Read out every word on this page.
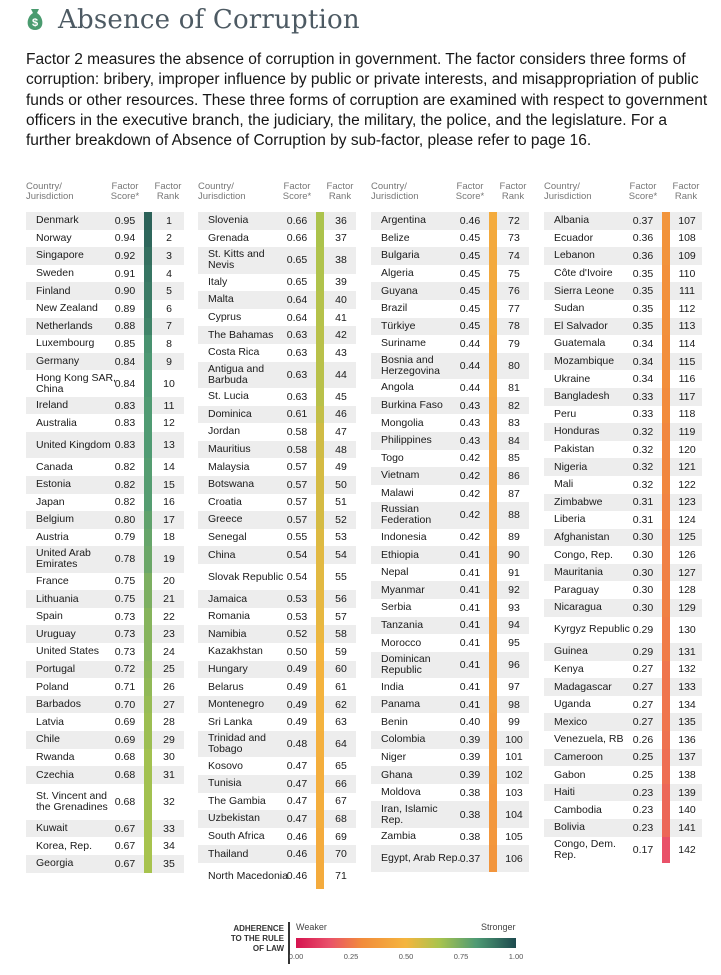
$ Absence of Corruption

Factor 2 measures the absence of corruption in government. The factor considers three forms of corruption: bribery, improper influence by public or private interests, and misappropriation of public funds or other resources. These three forms of corruption are examined with respect to government officers in the executive branch, the judiciary, the military, the police, and the legislature. For a further breakdown of Absence of Corruption by sub-factor, please refer to page 16.

Country/
Jurisdiction
Factor
Score*
Factor
Rank
Denmark	0.95	1
Norway	0.94	2
Singapore	0.92	3
Sweden	0.91	4
Finland	0.90	5
New Zealand	0.89	6
Netherlands	0.88	7
Luxembourg	0.85	8
Germany	0.84	9
Hong Kong SAR, China	0.84	10
Ireland	0.83	11
Australia	0.83	12
United Kingdom 0.83	13
Canada	0.82	14
Estonia	0.82	15
Japan	0.82	16
Belgium	0.80	17
Austria	0.79	18
United Arab Emirates	0.78	19
France	0.75	20
Lithuania	0.75	21
Spain	0.73	22
Uruguay	0.73	23
United States	0.73	24
Portugal	0.72	25
Poland	0.71	26
Barbados	0.70	27
Latvia	0.69	28
Chile	0.69	29
Rwanda	0.68	30
Czechia	0.68	31
St. Vincent and the Grenadines 0.68	32
Kuwait	0.67	33
Korea, Rep.	0.67	34
Georgia	0.67	35
Country/
Jurisdiction
Factor
Score*
Factor
Rank
Slovenia	0.66	36
Grenada	0.66	37
St. Kitts and Nevis	0.65	38
Italy	0.65	39
Malta	0.64	40
Cyprus	0.64	41
The Bahamas	0.63	42
Costa Rica	0.63	43
Antigua and Barbuda	0.63	44
St. Lucia	0.63	45
Dominica	0.61	46
Jordan	0.58	47
Mauritius	0.58	48
Malaysia	0.57	49
Botswana	0.57	50
Croatia	0.57	51
Greece	0.57	52
Senegal	0.55	53
China	0.54	54
Slovak Republic 0.54	55
Jamaica	0.53	56
Romania	0.53	57
Namibia	0.52	58
Kazakhstan	0.50	59
Hungary	0.49	60
Belarus	0.49	61
Montenegro	0.49	62
Sri Lanka	0.49	63
Trinidad and Tobago	0.48	64
Kosovo	0.47	65
Tunisia	0.47	66
The Gambia	0.47	67
Uzbekistan	0.47	68
South Africa	0.46	69
Thailand	0.46	70
North Macedonia
0.46	71
Country/
Jurisdiction
Factor
Score*
Factor
Rank
Argentina	0.46	72
Belize	0.45	73
Bulgaria	0.45	74
Algeria	0.45	75
Guyana	0.45	76
Brazil	0.45	77
Türkiye	0.45	78
Suriname	0.44	79
Bosnia and Herzegovina	0.44	80
Angola	0.44	81
Burkina Faso	0.43	82
Mongolia	0.43	83
Philippines	0.43	84
Togo	0.42	85
Vietnam	0.42	86
Malawi	0.42	87
Russian Federation	0.42	88
Indonesia	0.42	89
Ethiopia	0.41	90
Nepal	0.41	91
Myanmar	0.41	92
Serbia	0.41	93
Tanzania	0.41	94
Morocco	0.41	95
Dominican Republic	0.41	96
India	0.41	97
Panama	0.41	98
Benin	0.40	99
Colombia	0.39	100
Niger	0.39	101
Ghana	0.39	102
Moldova	0.38	103
Iran, Islamic Rep.	0.38	104
Zambia	0.38	105
Egypt, Arab Rep. 0.37	106
Country/
Jurisdiction
Factor
Score*
Factor
Rank
Albania	0.37	107
Ecuador	0.36	108
Lebanon	0.36	109
Côte d'Ivoire	0.35	110
Sierra Leone	0.35	111
Sudan	0.35	112
El Salvador	0.35	113
Guatemala	0.34	114
Mozambique	0.34	115
Ukraine	0.34	116
Bangladesh	0.33	117
Peru	0.33	118
Honduras	0.32	119
Pakistan	0.32	120
Nigeria	0.32	121
Mali	0.32	122
Zimbabwe	0.31	123
Liberia	0.31	124
Afghanistan	0.30	125
Congo, Rep.	0.30	126
Mauritania	0.30	127
Paraguay	0.30	128
Nicaragua	0.30	129
Kyrgyz Republic 0.29	130
Guinea	0.29	131
Kenya	0.27	132
Madagascar	0.27	133
Uganda	0.27	134
Mexico	0.27	135
Venezuela, RB 0.26	136
Cameroon	0.25	137
Gabon	0.25	138
Haiti	0.23	139
Cambodia	0.23	140
Bolivia	0.23	141
Congo, Dem. Rep.	0.17	142
ADHERENCE TO THE RULE OF LAW
Weaker	Stronger
0.00	0.25	0.50	0.75	1.00
